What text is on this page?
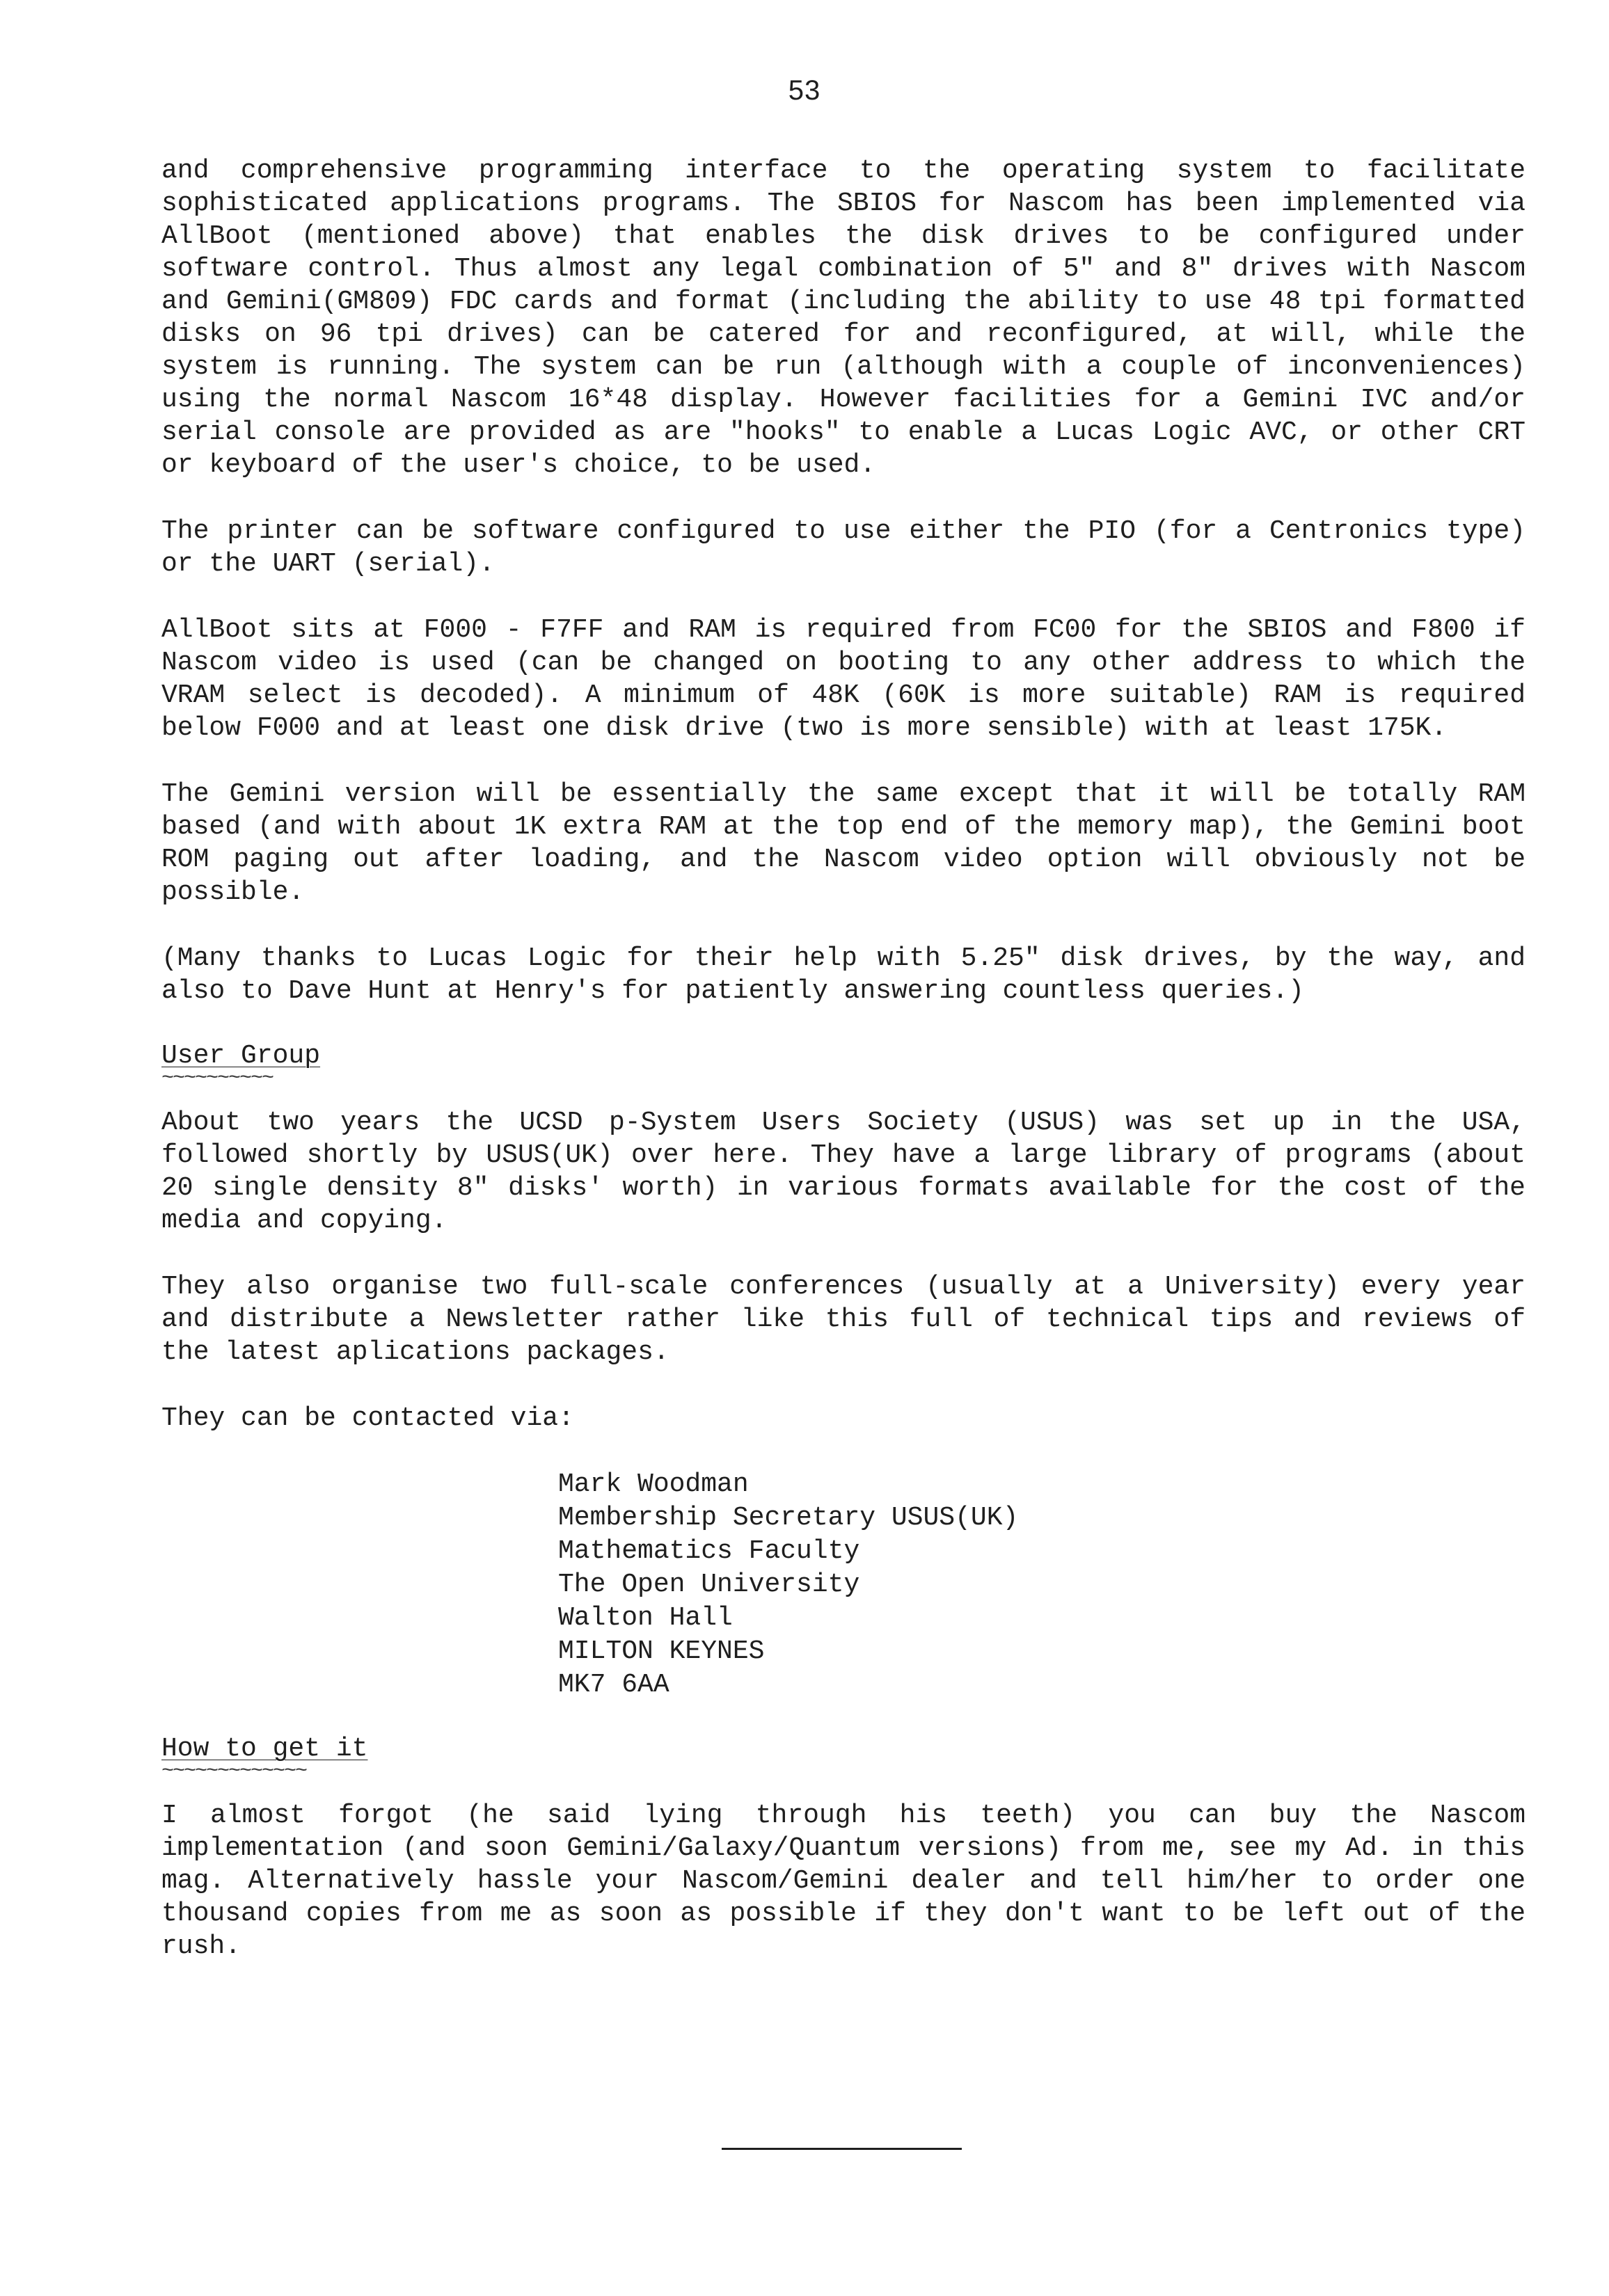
53

and comprehensive programming interface to the operating system to facilitate sophisticated applications programs. The SBIOS for Nascom has been implemented via AllBoot (mentioned above) that enables the disk drives to be configured under software control. Thus almost any legal combination of 5" and 8" drives with Nascom and Gemini(GM809) FDC cards and format (including the ability to use 48 tpi formatted disks on 96 tpi drives) can be catered for and reconfigured, at will, while the system is running. The system can be run (although with a couple of inconveniences) using the normal Nascom 16*48 display. However facilities for a Gemini IVC and/or serial console are provided as are "hooks" to enable a Lucas Logic AVC, or other CRT or keyboard of the user's choice, to be used.

The printer can be software configured to use either the PIO (for a Centronics type) or the UART (serial).

AllBoot sits at F000 - F7FF and RAM is required from FC00 for the SBIOS and F800 if Nascom video is used (can be changed on booting to any other address to which the VRAM select is decoded). A minimum of 48K (60K is more suitable) RAM is required below F000 and at least one disk drive (two is more sensible) with at least 175K.

The Gemini version will be essentially the same except that it will be totally RAM based (and with about 1K extra RAM at the top end of the memory map), the Gemini boot ROM paging out after loading, and the Nascom video option will obviously not be possible.

(Many thanks to Lucas Logic for their help with 5.25" disk drives, by the way, and also to Dave Hunt at Henry's for patiently answering countless queries.)

User Group
~~~~~~~~~~

About two years the UCSD p-System Users Society (USUS) was set up in the USA, followed shortly by USUS(UK) over here. They have a large library of programs (about 20 single density 8" disks' worth) in various formats available for the cost of the media and copying.

They also organise two full-scale conferences (usually at a University) every year and distribute a Newsletter rather like this full of technical tips and reviews of the latest aplications packages.

They can be contacted via:

Mark Woodman
Membership Secretary USUS(UK)
Mathematics Faculty
The Open University
Walton Hall
MILTON KEYNES
MK7 6AA
How to get it
~~~~~~~~~~~~~

I almost forgot (he said lying through his teeth) you can buy the Nascom implementation (and soon Gemini/Galaxy/Quantum versions) from me, see my Ad. in this mag. Alternatively hassle your Nascom/Gemini dealer and tell him/her to order one thousand copies from me as soon as possible if they don't want to be left out of the rush.
